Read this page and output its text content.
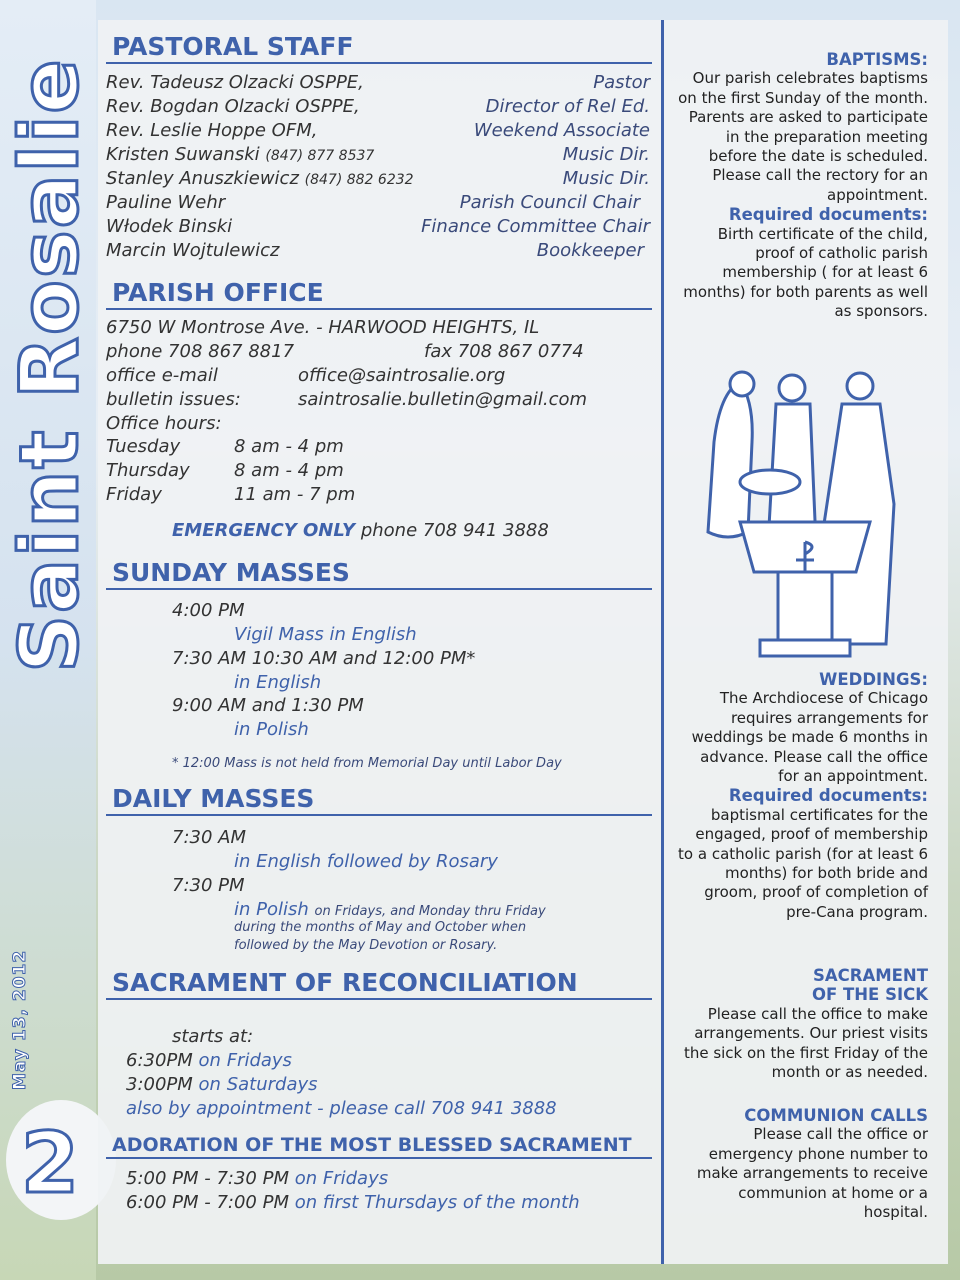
Saint Rosalie
May 13, 2012
2
PASTORAL STAFF
Rev. Tadeusz Olzacki OSPPE,	Pastor
Rev. Bogdan Olzacki OSPPE,	Director of Rel Ed.
Rev. Leslie Hoppe OFM,	Weekend Associate
Kristen Suwanski (847) 877 8537	Music Dir.
Stanley Anuszkiewicz (847) 882 6232	Music Dir.
Pauline Wehr	Parish Council Chair
Włodek Binski	Finance Committee Chair
Marcin Wojtulewicz	Bookkeeper
PARISH OFFICE
6750 W Montrose Ave. - HARWOOD HEIGHTS, IL
phone 708 867 8817	fax 708 867 0774
office e-mail	office@saintrosalie.org
bulletin issues:	saintrosalie.bulletin@gmail.com
Office hours:
Tuesday	8 am - 4 pm
Thursday 8 am - 4 pm
Friday	11 am - 7 pm
EMERGENCY ONLY phone 708 941 3888
SUNDAY MASSES
4:00 PM
Vigil Mass in English
7:30 AM 10:30 AM and 12:00 PM*
in English
9:00 AM and 1:30 PM
in Polish
* 12:00 Mass is not held from Memorial Day until Labor Day
DAILY MASSES
7:30 AM
in English followed by Rosary
7:30 PM
in Polish on Fridays, and Monday thru Friday
during the months of May and October when
followed by the May Devotion or Rosary.
SACRAMENT OF RECONCILIATION
starts at:
6:30PM on Fridays
3:00PM on Saturdays
also by appointment - please call 708 941 3888
ADORATION OF THE MOST BLESSED SACRAMENT
5:00 PM - 7:30 PM on Fridays
6:00 PM - 7:00 PM on first Thursdays of the month
BAPTISMS:

Our parish celebrates baptisms on the first Sunday of the month. Parents are asked to participate in the preparation meeting before the date is scheduled. Please call the rectory for an appointment.

Required documents:

Birth certificate of the child, proof of catholic parish membership ( for at least 6 months) for both parents as well as sponsors.

WEDDINGS:

The Archdiocese of Chicago requires arrangements for weddings be made 6 months in advance. Please call the office for an appointment.

Required documents:

baptismal certificates for the engaged, proof of membership to a catholic parish (for at least 6 months) for both bride and groom, proof of completion of pre-Cana program.

SACRAMENT
OF THE SICK

Please call the office to make arrangements. Our priest visits the sick on the first Friday of the month or as needed.

COMMUNION CALLS

Please call the office or emergency phone number to make arrangements to receive communion at home or a hospital.
